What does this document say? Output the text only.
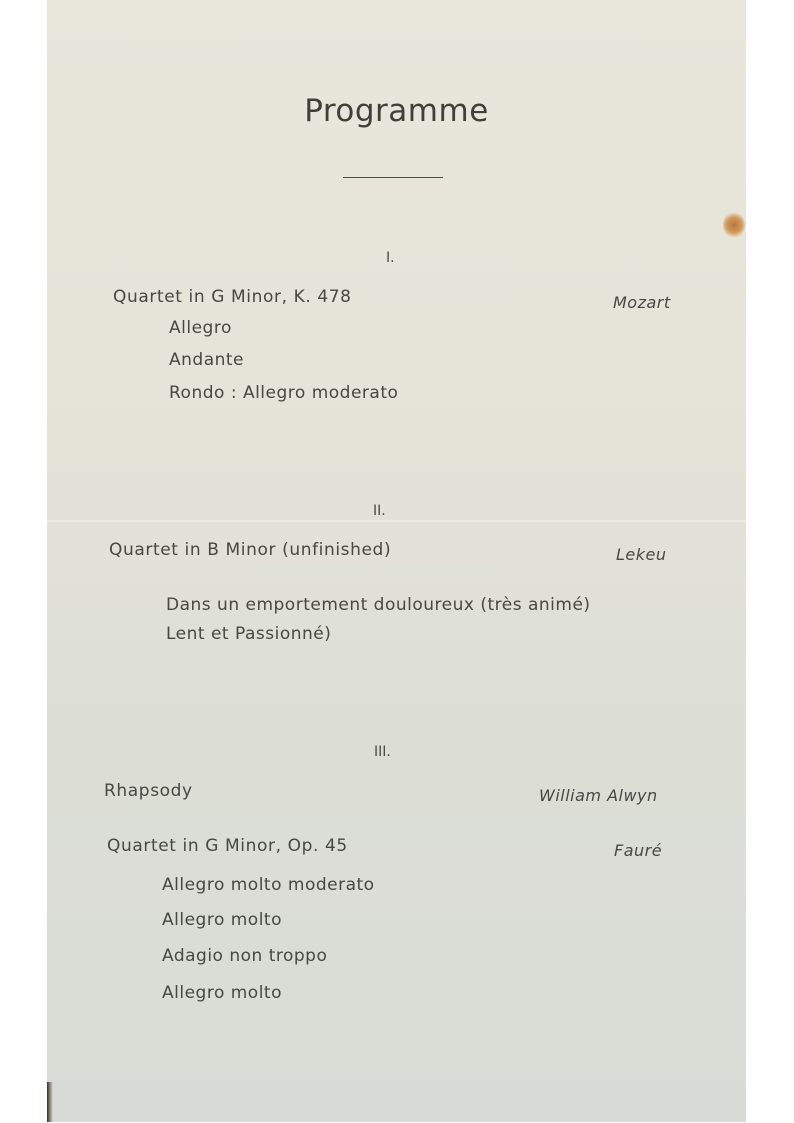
Programme
I.
Quartet in G Minor, K. 478	Mozart
Allegro
Andante
Rondo : Allegro moderato
II.
Quartet in B Minor (unfinished)	Lekeu
Dans un emportement douloureux (très animé)
Lent et Passionné)
III.
Rhapsody	William Alwyn
Quartet in G Minor, Op. 45	Fauré
Allegro molto moderato
Allegro molto
Adagio non troppo
Allegro molto
